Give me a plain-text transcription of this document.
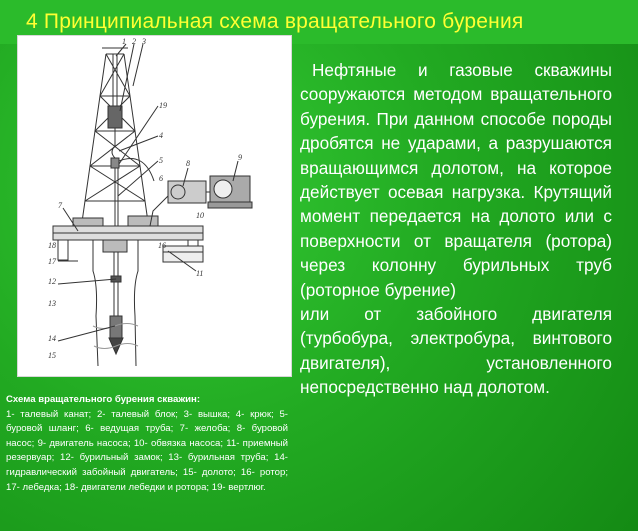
4 Принципиальная схема вращательного бурения
1 2 3
19
4
5
6
7
8
9
10
11
12
13
14
15
16
17
18
Схема вращательного бурения скважин:
1- талевый канат; 2- талевый блок; 3- вышка; 4- крюк; 5- буровой шланг; 6- ведущая труба; 7- желоба; 8- буровой насос; 9- двигатель насоса; 10- обвязка насоса; 11- приемный резервуар; 12- бурильный замок; 13- бурильная труба; 14- гидравлический забойный двигатель; 15- долото; 16- ротор; 17- лебедка; 18- двигатели лебедки и ротора; 19- вертлюг.

Нефтяные и газовые скважины сооружаются методом вращательного бурения. При данном способе породы дробятся не ударами, а разрушаются вращающимся долотом, на которое действует осевая нагрузка. Крутящий момент передается на долото или с поверхности от вращателя (ротора) через колонну бурильных труб (роторное бурение)

или от забойного двигателя (турбобура, электробура, винтового двигателя), установленного непосредственно над долотом.
